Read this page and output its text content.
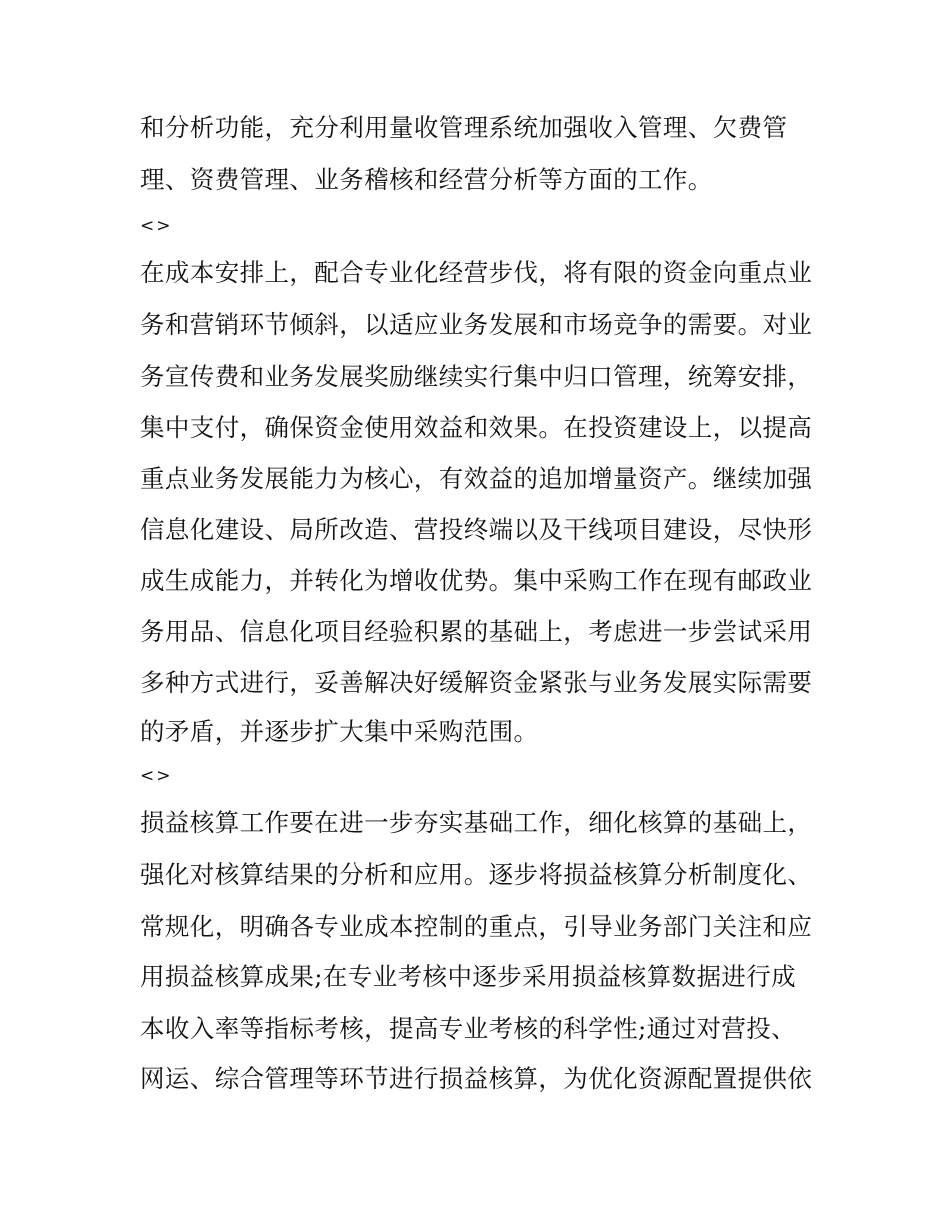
和分析功能，充分利用量收管理系统加强收入管理、欠费管
理、资费管理、业务稽核和经营分析等方面的工作。
<>
在成本安排上，配合专业化经营步伐，将有限的资金向重点业
务和营销环节倾斜，以适应业务发展和市场竞争的需要。对业
务宣传费和业务发展奖励继续实行集中归口管理，统筹安排，
集中支付，确保资金使用效益和效果。在投资建设上，以提高
重点业务发展能力为核心，有效益的追加增量资产。继续加强
信息化建设、局所改造、营投终端以及干线项目建设，尽快形
成生成能力，并转化为增收优势。集中采购工作在现有邮政业
务用品、信息化项目经验积累的基础上，考虑进一步尝试采用
多种方式进行，妥善解决好缓解资金紧张与业务发展实际需要
的矛盾，并逐步扩大集中采购范围。
<>
损益核算工作要在进一步夯实基础工作，细化核算的基础上，
强化对核算结果的分析和应用。逐步将损益核算分析制度化、
常规化，明确各专业成本控制的重点，引导业务部门关注和应
用损益核算成果;在专业考核中逐步采用损益核算数据进行成
本收入率等指标考核，提高专业考核的科学性;通过对营投、
网运、综合管理等环节进行损益核算，为优化资源配置提供依
